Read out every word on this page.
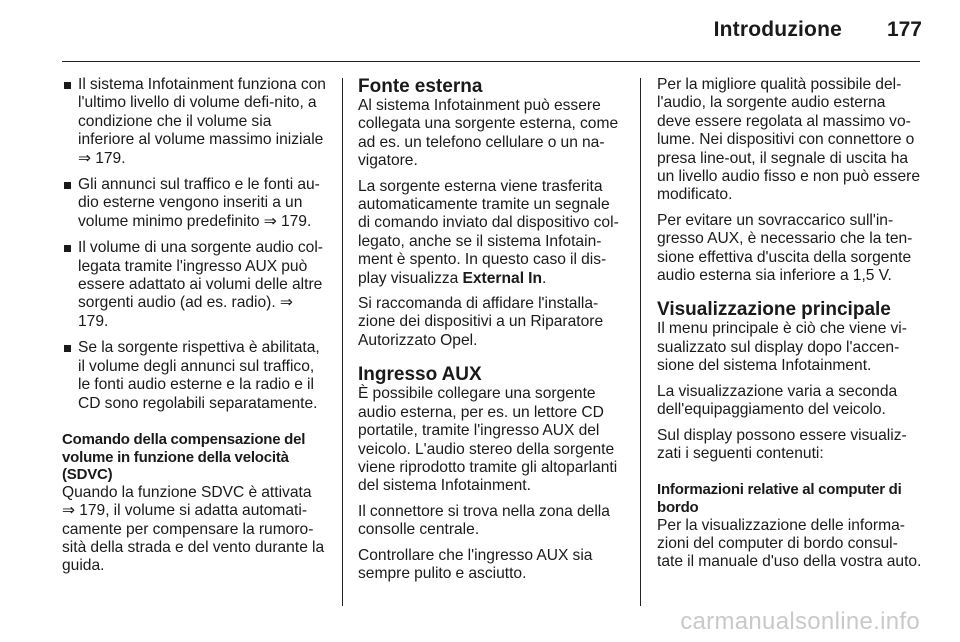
Introduzione 177
Il sistema Infotainment funziona con l'ultimo livello di volume defi-nito, a condizione che il volume sia inferiore al volume massimo iniziale ⇒ 179.
Gli annunci sul traffico e le fonti au-dio esterne vengono inseriti a un volume minimo predefinito ⇒ 179.
Il volume di una sorgente audio col-legata tramite l'ingresso AUX può essere adattato ai volumi delle altre sorgenti audio (ad es. radio). ⇒ 179.
Se la sorgente rispettiva è abilitata, il volume degli annunci sul traffico, le fonti audio esterne e la radio e il CD sono regolabili separatamente.
Comando della compensazione del volume in funzione della velocità (SDVC)

Quando la funzione SDVC è attivata ⇒ 179, il volume si adatta automati-camente per compensare la rumoro-sità della strada e del vento durante la guida.

Fonte esterna

Al sistema Infotainment può essere collegata una sorgente esterna, come ad es. un telefono cellulare o un na-vigatore.

La sorgente esterna viene trasferita automaticamente tramite un segnale di comando inviato dal dispositivo col-legato, anche se il sistema Infotain-ment è spento. In questo caso il dis-play visualizza External In.

Si raccomanda di affidare l'installa-zione dei dispositivi a un Riparatore Autorizzato Opel.

Ingresso AUX

È possibile collegare una sorgente audio esterna, per es. un lettore CD portatile, tramite l'ingresso AUX del veicolo. L'audio stereo della sorgente viene riprodotto tramite gli altoparlanti del sistema Infotainment.

Il connettore si trova nella zona della consolle centrale.

Controllare che l'ingresso AUX sia sempre pulito e asciutto.

Per la migliore qualità possibile del-l'audio, la sorgente audio esterna deve essere regolata al massimo vo-lume. Nei dispositivi con connettore o presa line-out, il segnale di uscita ha un livello audio fisso e non può essere modificato.

Per evitare un sovraccarico sull'in-gresso AUX, è necessario che la ten-sione effettiva d'uscita della sorgente audio esterna sia inferiore a 1,5 V.

Visualizzazione principale

Il menu principale è ciò che viene vi-sualizzato sul display dopo l'accen-sione del sistema Infotainment.

La visualizzazione varia a seconda dell'equipaggiamento del veicolo.

Sul display possono essere visualiz-zati i seguenti contenuti:

Informazioni relative al computer di bordo

Per la visualizzazione delle informa-zioni del computer di bordo consul-tate il manuale d'uso della vostra auto.

carmanualsonline.info
